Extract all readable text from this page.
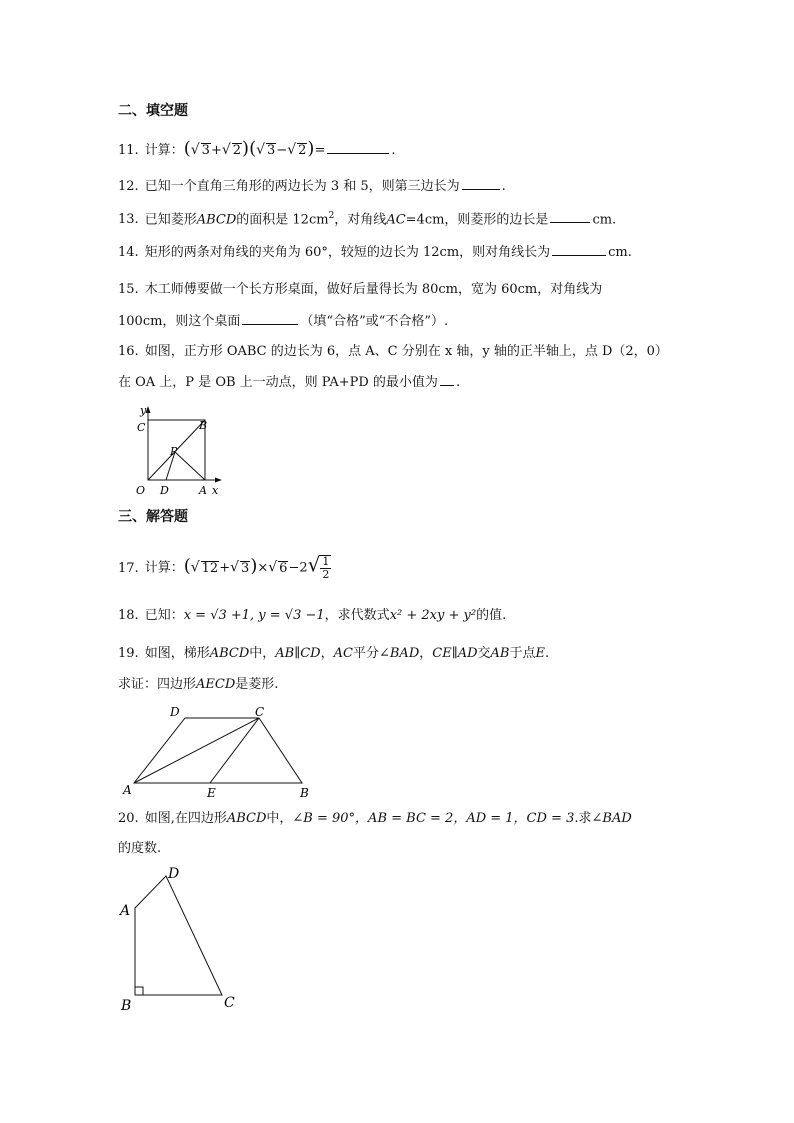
二、填空题
11. 计算：(√ 3+√ 2)(√ 3−√ 2)=	.
12. 已知一个直角三角形的两边长为 3 和 5，则第三边长为	.
13. 已知菱形ABCD的面积是 $12cm^2$，对角线AC=4cm，则菱形的边长是	cm.
14. 矩形的两条对角线的夹角为 60°，较短的边长为 12cm，则对角线长为	cm.
15. 木工师傅要做一个长方形桌面，做好后量得长为 80cm，宽为 60cm，对角线为
100cm，则这个桌面	（填“合格”或“不合格”）.
16. 如图，正方形 OABC 的边长为 6，点 A、C 分别在 x 轴，y 轴的正半轴上，点 D（2，0）
在 OA 上，P 是 OB 上一动点，则 PA+PD 的最小值为 .
y
C	B
P
O D	A x
三、解答题
17. 计算：(√ 12+√ 3)×√ $6-2√ \frac{1}{2}$
18. 已知：x = √3 +1, y = √3 −1，求代数式x² + 2xy + y²的值.
19. 如图，梯形ABCD中，AB∥CD，AC平分∠BAD，CE∥AD交AB于点E.
求证：四边形AECD是菱形.
D	C
A	E	B
20. 如图,在四边形ABCD中，∠B = 90°，AB = BC = 2，AD = 1，CD = 3.求∠BAD
的度数.
D
A
B	C
